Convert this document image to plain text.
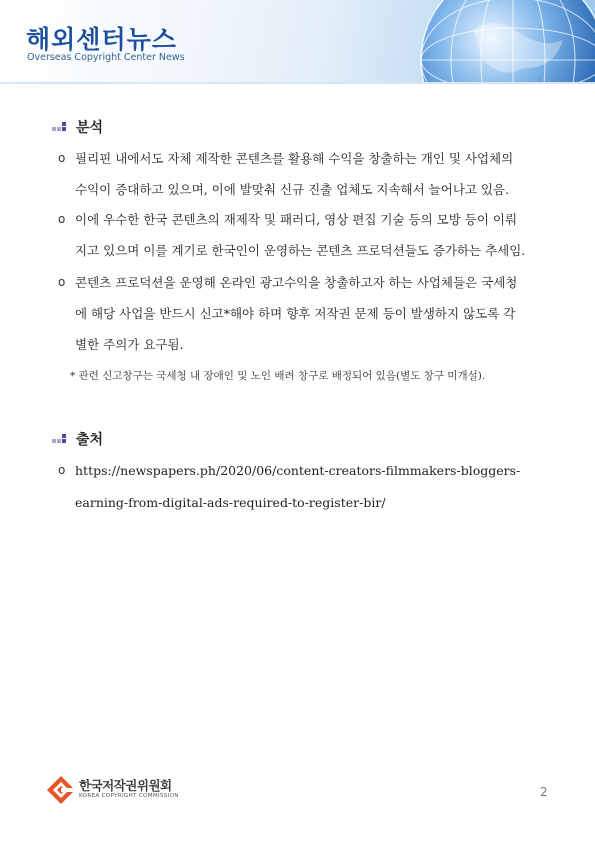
해외센터뉴스
Overseas Copyright Center News
분석
o 필리핀 내에서도 자체 제작한 콘텐츠를 활용해 수익을 창출하는 개인 및 사업체의
수익이 증대하고 있으며, 이에 발맞춰 신규 진출 업체도 지속해서 늘어나고 있음.
o 이에 우수한 한국 콘텐츠의 재제작 및 패러디, 영상 편집 기술 등의 모방 등이 이뤄
지고 있으며 이를 계기로 한국인이 운영하는 콘텐츠 프로덕션들도 증가하는 추세임.
o 콘텐츠 프로덕션을 운영해 온라인 광고수익을 창출하고자 하는 사업체들은 국세청
에 해당 사업을 반드시 신고*해야 하며 향후 저작권 문제 등이 발생하지 않도록 각
별한 주의가 요구됨.
* 관련 신고창구는 국세청 내 장애인 및 노인 배려 창구로 배정되어 있음(별도 창구 미개설).
출처
o https://newspapers.ph/2020/06/content-creators-filmmakers-bloggers-
earning-from-digital-ads-required-to-register-bir/
한국저작권위원회
KOREA COPYRIGHT COMMISSION	2
